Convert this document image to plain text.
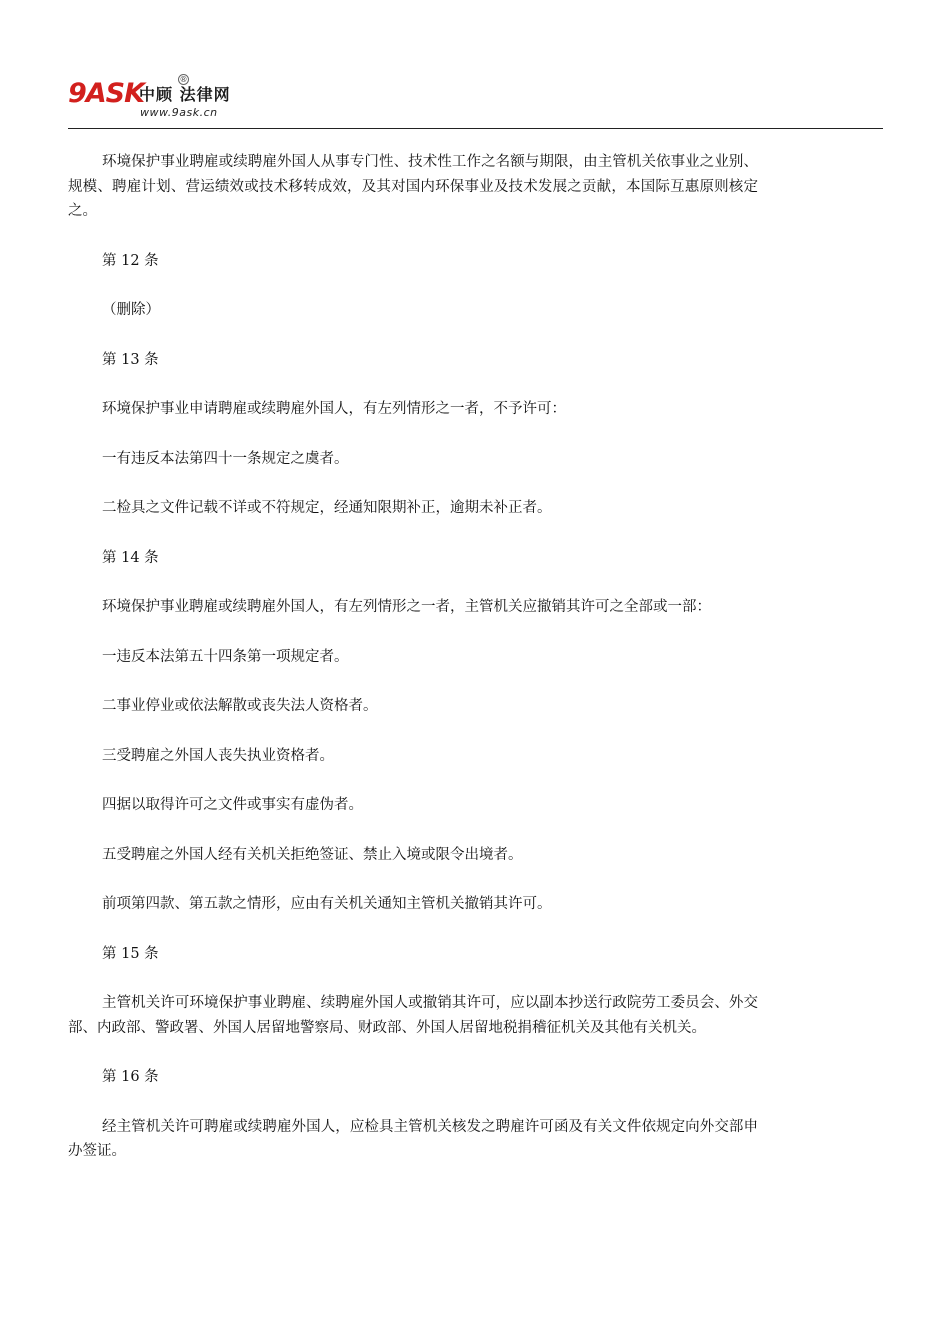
9ASK
中顾 法律网
®
www.9ask.cn

环境保护事业聘雇或续聘雇外国人从事专门性、技术性工作之名额与期限，由主管机关依事业之业别、规模、聘雇计划、营运绩效或技术移转成效，及其对国内环保事业及技术发展之贡献，本国际互惠原则核定之。

第 12 条

（删除）

第 13 条

环境保护事业申请聘雇或续聘雇外国人，有左列情形之一者，不予许可：

一有违反本法第四十一条规定之虞者。

二检具之文件记载不详或不符规定，经通知限期补正，逾期未补正者。

第 14 条

环境保护事业聘雇或续聘雇外国人，有左列情形之一者，主管机关应撤销其许可之全部或一部：

一违反本法第五十四条第一项规定者。

二事业停业或依法解散或丧失法人资格者。

三受聘雇之外国人丧失执业资格者。

四据以取得许可之文件或事实有虚伪者。

五受聘雇之外国人经有关机关拒绝签证、禁止入境或限令出境者。

前项第四款、第五款之情形，应由有关机关通知主管机关撤销其许可。

第 15 条

主管机关许可环境保护事业聘雇、续聘雇外国人或撤销其许可，应以副本抄送行政院劳工委员会、外交部、内政部、警政署、外国人居留地警察局、财政部、外国人居留地税捐稽征机关及其他有关机关。

第 16 条

经主管机关许可聘雇或续聘雇外国人，应检具主管机关核发之聘雇许可函及有关文件依规定向外交部申办签证。
